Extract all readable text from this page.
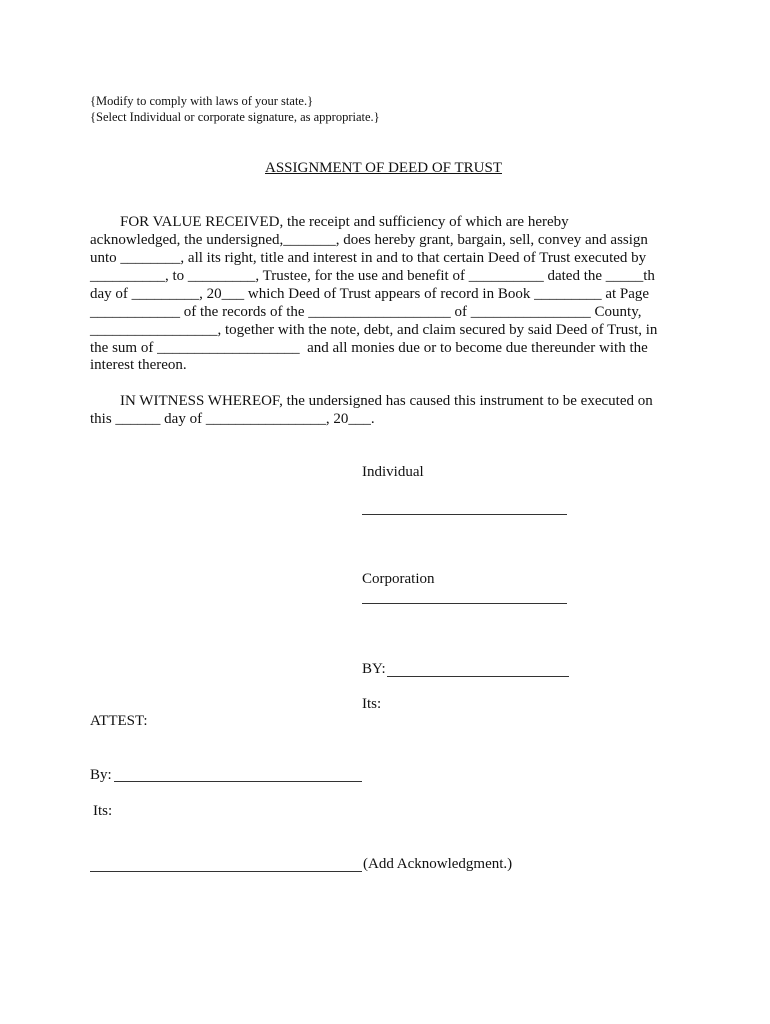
{Modify to comply with laws of your state.}
{Select Individual or corporate signature, as appropriate.}
ASSIGNMENT OF DEED OF TRUST
FOR VALUE RECEIVED, the receipt and sufficiency of which are hereby
acknowledged, the undersigned,_______, does hereby grant, bargain, sell, convey and assign
unto ________, all its right, title and interest in and to that certain Deed of Trust executed by
__________, to _________, Trustee, for the use and benefit of __________ dated the _____th
day of _________, 20___ which Deed of Trust appears of record in Book _________ at Page
____________ of the records of the ___________________ of ________________ County,
_________________, together with the note, debt, and claim secured by said Deed of Trust, in
the sum of ___________________  and all monies due or to become due thereunder with the
interest thereon.
IN WITNESS WHEREOF, the undersigned has caused this instrument to be executed on
this ______ day of ________________, 20___.
Individual
Corporation
BY:
Its:
ATTEST:
By:
Its:
(Add Acknowledgment.)
